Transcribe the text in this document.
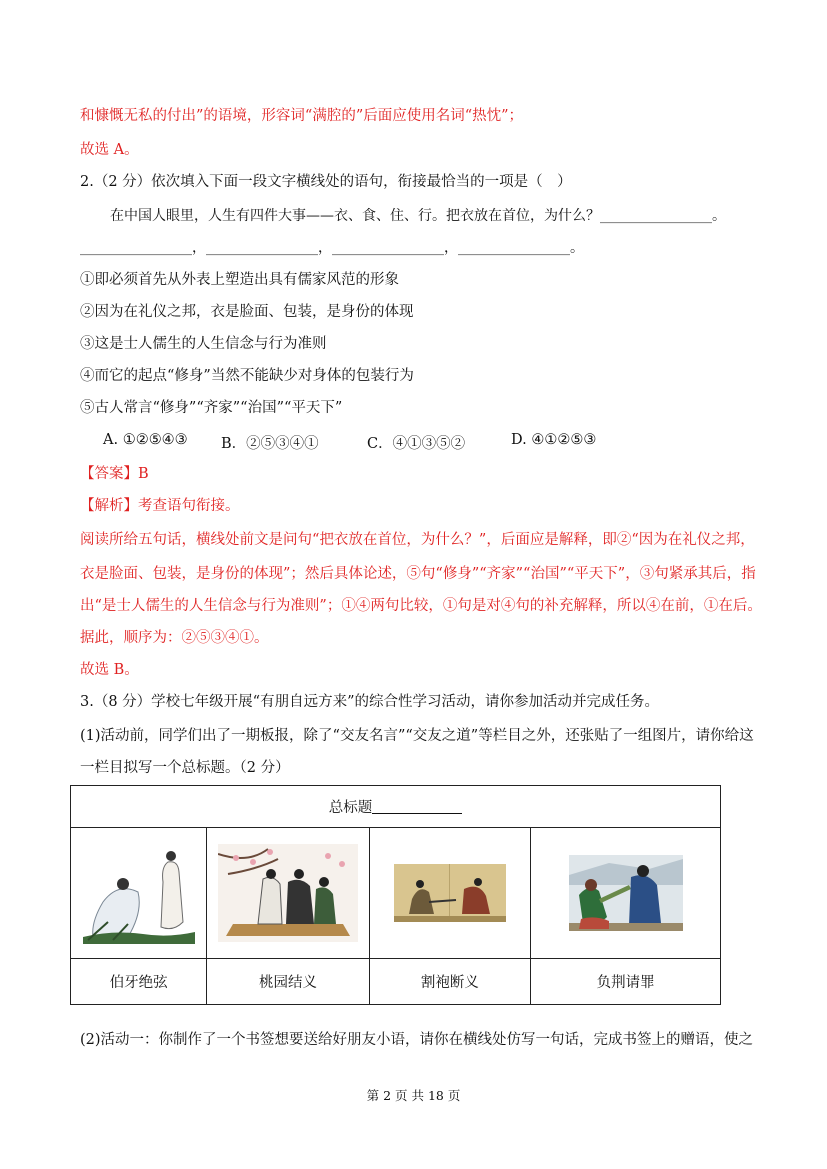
和慷慨无私的付出”的语境，形容词“满腔的”后面应使用名词“热忱”；
故选 A。
2.（2 分）依次填入下面一段文字横线处的语句，衔接最恰当的一项是（　）
在中国人眼里，人生有四件大事——衣、食、住、行。把衣放在首位，为什么？________________。
________________，________________，________________，________________。
①即必须首先从外表上塑造出具有儒家风范的形象
②因为在礼仪之邦，衣是脸面、包装，是身份的体现
③这是士人儒生的人生信念与行为准则
④而它的起点“修身”当然不能缺少对身体的包装行为
⑤古人常言“修身”“齐家”“治国”“平天下”
A. ①②⑤④③ B．②⑤③④①	C．④①③⑤②	D. ④①②⑤③
【答案】B
【解析】考查语句衔接。
阅读所给五句话，横线处前文是问句“把衣放在首位，为什么？”，后面应是解释，即②“因为在礼仪之邦，
衣是脸面、包装，是身份的体现”；然后具体论述，⑤句“修身”“齐家”“治国”“平天下”，③句紧承其后，指
出“是士人儒生的人生信念与行为准则”；①④两句比较，①句是对④句的补充解释，所以④在前，①在后。
据此，顺序为：②⑤③④①。
故选 B。
3.（8 分）学校七年级开展“有朋自远方来”的综合性学习活动，请你参加活动并完成任务。
(1)活动前，同学们出了一期板报，除了“交友名言”“交友之道”等栏目之外，还张贴了一组图片，请你给这
一栏目拟写一个总标题。（2 分）
总标题			

伯牙绝弦	桃园结义	割袍断义	负荆请罪
(2)活动一：你制作了一个书签想要送给好朋友小语，请你在横线处仿写一句话，完成书签上的赠语，使之
第 2 页 共 18 页
